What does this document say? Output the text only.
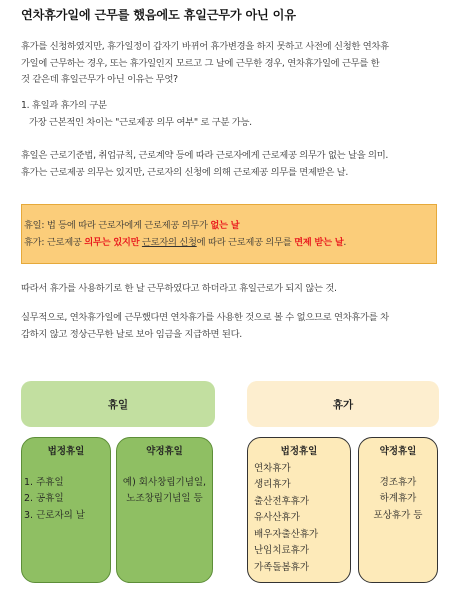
연차휴가일에 근무를 했음에도 휴일근무가 아닌 이유
휴가를 신청하였지만, 휴가일정이 갑자기 바뀌어 휴가변경을 하지 못하고 사전에 신청한 연차휴
가일에 근무하는 경우, 또는 휴가일인지 모르고 그 날에 근무한 경우, 연차휴가일에 근무를 한
것 같은데 휴일근무가 아닌 이유는 무엇?
1. 휴일과 휴가의 구분
가장 근본적인 차이는 "근로제공 의무 여부" 로 구분 가능.
휴일은 근로기준법, 취업규칙, 근로계약 등에 따라 근로자에게 근로제공 의무가 없는 날을 의미.
휴가는 근로제공 의무는 있지만, 근로자의 신청에 의해 근로제공 의무를 면제받은 날.
휴일: 법 등에 따라 근로자에게 근로제공 의무가 없는 날
휴가: 근로제공 의무는 있지만 근로자의 신청에 따라 근로제공 의무를 면제 받는 날.
따라서 휴가를 사용하기로 한 날 근무하였다고 하더라고 휴일근로가 되지 않는 것.
실무적으로, 연차휴가일에 근무했다면 연차휴가를 사용한 것으로 볼 수 없으므로 연차휴가를 차
감하지 않고 정상근무한 날로 보아 임금을 지급하면 된다.
휴일	휴가
법정휴일
1. 주휴일
2. 공휴일
3. 근로자의 날
약정휴일
예) 회사창립기념일,
노조창립기념일 등
법정휴일
연차휴가
생리휴가
출산전후휴가
유사산휴가
배우자출산휴가
난임치료휴가
가족돌봄휴가
약정휴일
경조휴가
하계휴가
포상휴가 등
